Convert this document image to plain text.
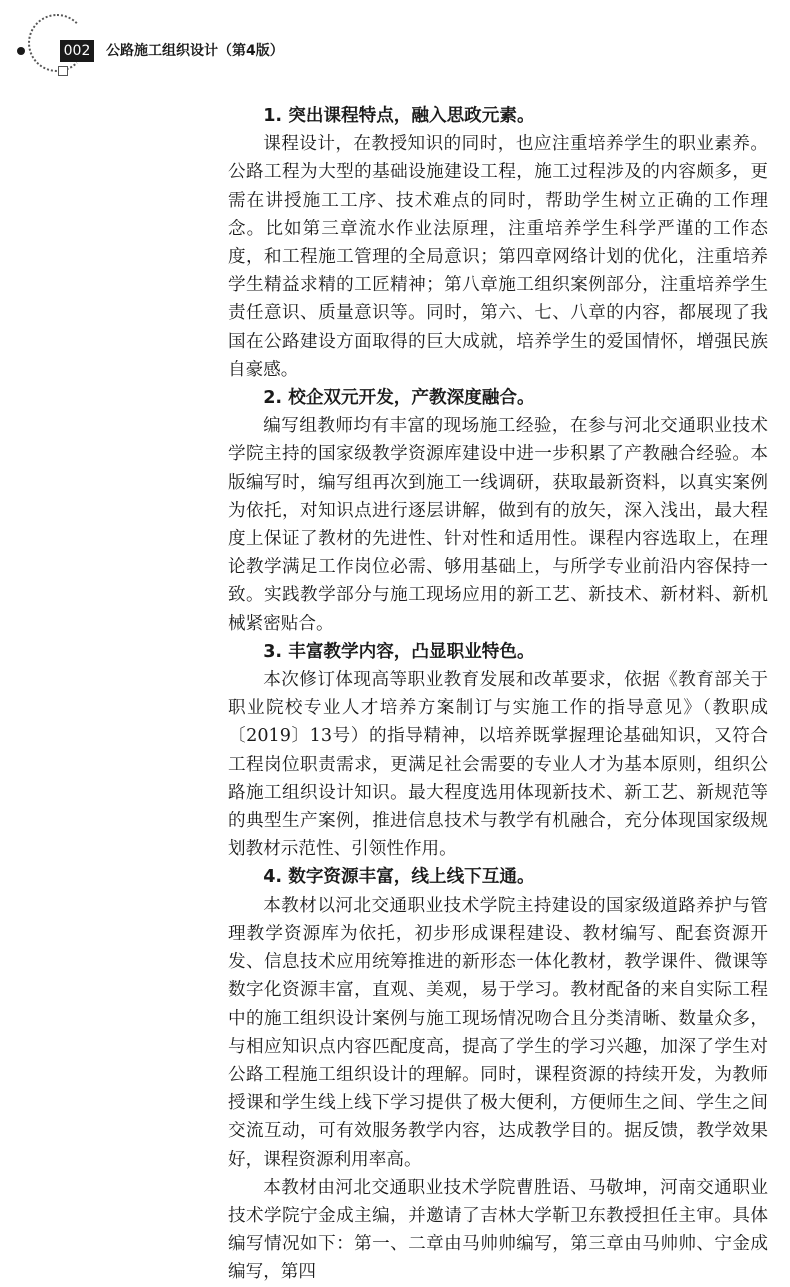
002 公路施工组织设计（第4版）
1. 突出课程特点，融入思政元素。

课程设计，在教授知识的同时，也应注重培养学生的职业素养。公路工程为大型的基础设施建设工程，施工过程涉及的内容颇多，更需在讲授施工工序、技术难点的同时，帮助学生树立正确的工作理念。比如第三章流水作业法原理，注重培养学生科学严谨的工作态度，和工程施工管理的全局意识；第四章网络计划的优化，注重培养学生精益求精的工匠精神；第八章施工组织案例部分，注重培养学生责任意识、质量意识等。同时，第六、七、八章的内容，都展现了我国在公路建设方面取得的巨大成就，培养学生的爱国情怀，增强民族自豪感。

2. 校企双元开发，产教深度融合。

编写组教师均有丰富的现场施工经验，在参与河北交通职业技术学院主持的国家级教学资源库建设中进一步积累了产教融合经验。本版编写时，编写组再次到施工一线调研，获取最新资料，以真实案例为依托，对知识点进行逐层讲解，做到有的放矢，深入浅出，最大程度上保证了教材的先进性、针对性和适用性。课程内容选取上，在理论教学满足工作岗位必需、够用基础上，与所学专业前沿内容保持一致。实践教学部分与施工现场应用的新工艺、新技术、新材料、新机械紧密贴合。

3. 丰富教学内容，凸显职业特色。

本次修订体现高等职业教育发展和改革要求，依据《教育部关于职业院校专业人才培养方案制订与实施工作的指导意见》（教职成〔2019〕13号）的指导精神，以培养既掌握理论基础知识，又符合工程岗位职责需求，更满足社会需要的专业人才为基本原则，组织公路施工组织设计知识。最大程度选用体现新技术、新工艺、新规范等的典型生产案例，推进信息技术与教学有机融合，充分体现国家级规划教材示范性、引领性作用。

4. 数字资源丰富，线上线下互通。

本教材以河北交通职业技术学院主持建设的国家级道路养护与管理教学资源库为依托，初步形成课程建设、教材编写、配套资源开发、信息技术应用统筹推进的新形态一体化教材，教学课件、微课等数字化资源丰富，直观、美观，易于学习。教材配备的来自实际工程中的施工组织设计案例与施工现场情况吻合且分类清晰、数量众多，与相应知识点内容匹配度高，提高了学生的学习兴趣，加深了学生对公路工程施工组织设计的理解。同时，课程资源的持续开发，为教师授课和学生线上线下学习提供了极大便利，方便师生之间、学生之间交流互动，可有效服务教学内容，达成教学目的。据反馈，教学效果好，课程资源利用率高。

本教材由河北交通职业技术学院曹胜语、马敬坤，河南交通职业技术学院宁金成主编，并邀请了吉林大学靳卫东教授担任主审。具体编写情况如下：第一、二章由马帅帅编写，第三章由马帅帅、宁金成编写，第四
